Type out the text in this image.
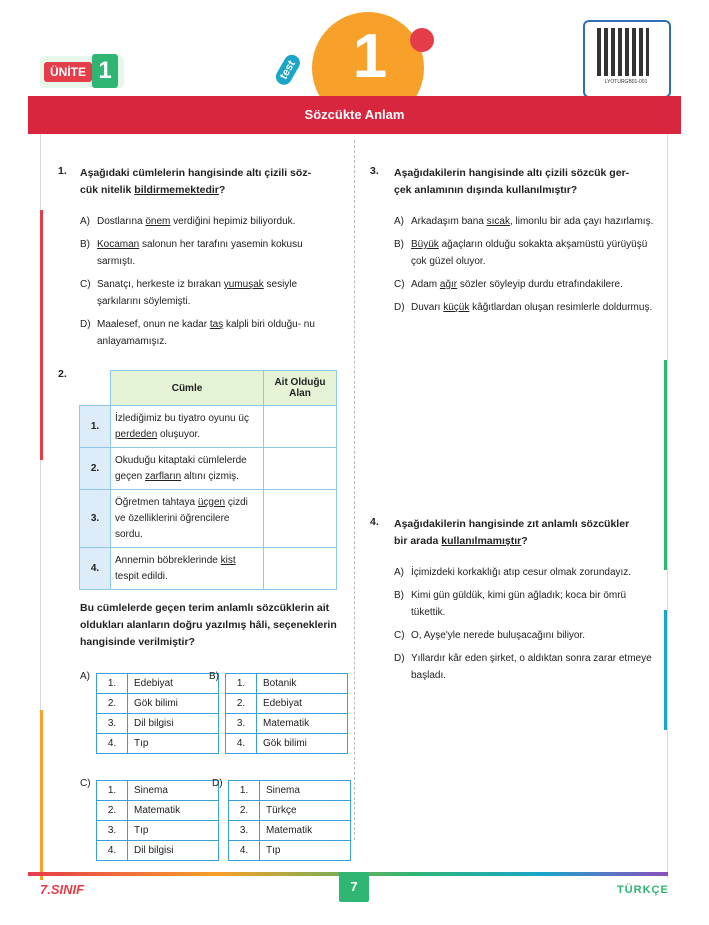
ÜNİTE 1	1
test
LYOTURGB01-001
Sözcükte Anlam
1. Aşağıdaki cümlelerin hangisinde altı çizili söz-
cük nitelik bildirmemektedir?
A) Dostlarına önem verdiğini hepimiz biliyorduk.
B) Kocaman salonun her tarafını yasemin kokusu sarmıştı.
C) Sanatçı, herkeste iz bırakan yumuşak sesiyle şarkılarını söylemişti.
D) Maalesef, onun ne kadar taş kalpli biri olduğu- nu anlayamamışız.
2.
	Cümle	Ait Olduğu Alan
1.	İzlediğimiz bu tiyatro oyunu üç perdeden oluşuyor.	
2.	Okuduğu kitaptaki cümlelerde geçen zarfların altını çizmiş.	
3.	Öğretmen tahtaya üçgen çizdi ve özelliklerini öğrencilere sordu.	
4.	Annemin böbreklerinde kist tespit edildi.	
Bu cümlelerde geçen terim anlamlı sözcüklerin ait oldukları alanların doğru yazılmış hâli, seçeneklerin hangisinde verilmiştir?
A)
1.	Edebiyat
2.	Gök bilimi
3.	Dil bilgisi
4.	Tıp
B)
1.	Botanik
2.	Edebiyat
3.	Matematik
4.	Gök bilimi
C)
1.	Sinema
2.	Matematik
3.	Tıp
4.	Dil bilgisi
D)
1.	Sinema
2.	Türkçe
3.	Matematik
4.	Tıp
3. Aşağıdakilerin hangisinde altı çizili sözcük ger-
çek anlamının dışında kullanılmıştır?
A) Arkadaşım bana sıcak, limonlu bir ada çayı hazırlamış.
B) Büyük ağaçların olduğu sokakta akşamüstü yürüyüşü çok güzel oluyor.
C) Adam ağır sözler söyleyip durdu etrafındakilere.
D) Duvarı küçük kâğıtlardan oluşan resimlerle doldurmuş.
4. Aşağıdakilerin hangisinde zıt anlamlı sözcükler
bir arada kullanılmamıştır?
A) İçimizdeki korkaklığı atıp cesur olmak zorundayız.
B) Kimi gün güldük, kimi gün ağladık; koca bir ömrü tükettik.
C) O, Ayşe'yle nerede buluşacağını biliyor.
D) Yıllardır kâr eden şirket, o aldıktan sonra zarar etmeye başladı.
7
7.SINIF	TÜRKÇE
